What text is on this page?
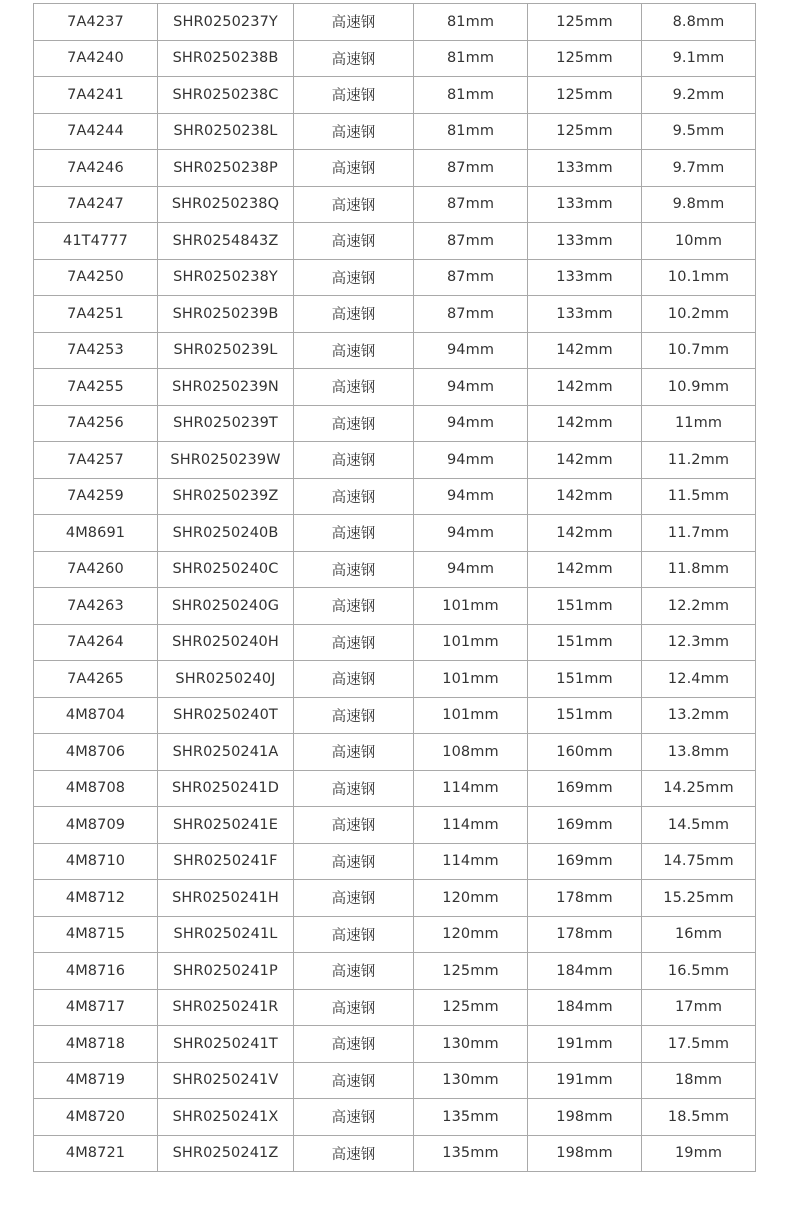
7A4237	SHR0250237Y	高速钢	81mm	125mm	8.8mm
7A4240	SHR0250238B	高速钢	81mm	125mm	9.1mm
7A4241	SHR0250238C	高速钢	81mm	125mm	9.2mm
7A4244	SHR0250238L	高速钢	81mm	125mm	9.5mm
7A4246	SHR0250238P	高速钢	87mm	133mm	9.7mm
7A4247	SHR0250238Q	高速钢	87mm	133mm	9.8mm
41T4777	SHR0254843Z	高速钢	87mm	133mm	10mm
7A4250	SHR0250238Y	高速钢	87mm	133mm	10.1mm
7A4251	SHR0250239B	高速钢	87mm	133mm	10.2mm
7A4253	SHR0250239L	高速钢	94mm	142mm	10.7mm
7A4255	SHR0250239N	高速钢	94mm	142mm	10.9mm
7A4256	SHR0250239T	高速钢	94mm	142mm	11mm
7A4257	SHR0250239W	高速钢	94mm	142mm	11.2mm
7A4259	SHR0250239Z	高速钢	94mm	142mm	11.5mm
4M8691	SHR0250240B	高速钢	94mm	142mm	11.7mm
7A4260	SHR0250240C	高速钢	94mm	142mm	11.8mm
7A4263	SHR0250240G	高速钢	101mm	151mm	12.2mm
7A4264	SHR0250240H	高速钢	101mm	151mm	12.3mm
7A4265	SHR0250240J	高速钢	101mm	151mm	12.4mm
4M8704	SHR0250240T	高速钢	101mm	151mm	13.2mm
4M8706	SHR0250241A	高速钢	108mm	160mm	13.8mm
4M8708	SHR0250241D	高速钢	114mm	169mm	14.25mm
4M8709	SHR0250241E	高速钢	114mm	169mm	14.5mm
4M8710	SHR0250241F	高速钢	114mm	169mm	14.75mm
4M8712	SHR0250241H	高速钢	120mm	178mm	15.25mm
4M8715	SHR0250241L	高速钢	120mm	178mm	16mm
4M8716	SHR0250241P	高速钢	125mm	184mm	16.5mm
4M8717	SHR0250241R	高速钢	125mm	184mm	17mm
4M8718	SHR0250241T	高速钢	130mm	191mm	17.5mm
4M8719	SHR0250241V	高速钢	130mm	191mm	18mm
4M8720	SHR0250241X	高速钢	135mm	198mm	18.5mm
4M8721	SHR0250241Z	高速钢	135mm	198mm	19mm
